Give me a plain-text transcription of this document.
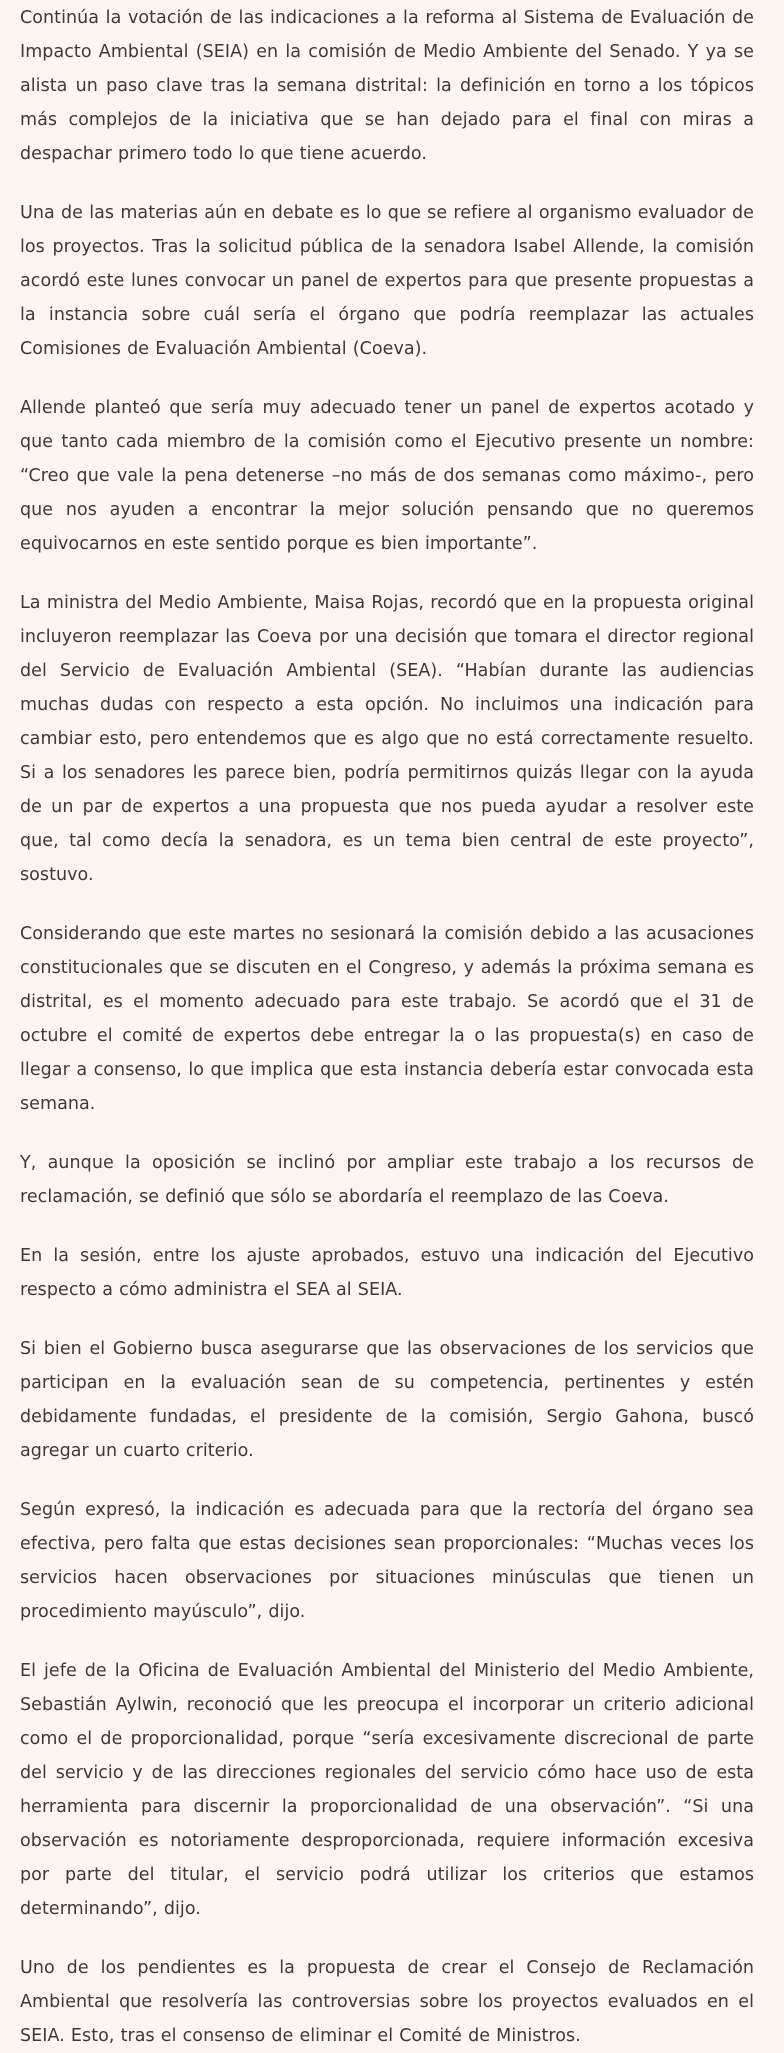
Continúa la votación de las indicaciones a la reforma al Sistema de Evaluación de Impacto Ambiental (SEIA) en la comisión de Medio Ambiente del Senado. Y ya se alista un paso clave tras la semana distrital: la definición en torno a los tópicos más complejos de la iniciativa que se han dejado para el final con miras a despachar primero todo lo que tiene acuerdo.

Una de las materias aún en debate es lo que se refiere al organismo evaluador de los proyectos. Tras la solicitud pública de la senadora Isabel Allende, la comisión acordó este lunes convocar un panel de expertos para que presente propuestas a la instancia sobre cuál sería el órgano que podría reemplazar las actuales Comisiones de Evaluación Ambiental (Coeva).

Allende planteó que sería muy adecuado tener un panel de expertos acotado y que tanto cada miembro de la comisión como el Ejecutivo presente un nombre: “Creo que vale la pena detenerse –no más de dos semanas como máximo-, pero que nos ayuden a encontrar la mejor solución pensando que no queremos equivocarnos en este sentido porque es bien importante”.

La ministra del Medio Ambiente, Maisa Rojas, recordó que en la propuesta original incluyeron reemplazar las Coeva por una decisión que tomara el director regional del Servicio de Evaluación Ambiental (SEA). “Habían durante las audiencias muchas dudas con respecto a esta opción. No incluimos una indicación para cambiar esto, pero entendemos que es algo que no está correctamente resuelto. Si a los senadores les parece bien, podría permitirnos quizás llegar con la ayuda de un par de expertos a una propuesta que nos pueda ayudar a resolver este que, tal como decía la senadora, es un tema bien central de este proyecto”, sostuvo.

Considerando que este martes no sesionará la comisión debido a las acusaciones constitucionales que se discuten en el Congreso, y además la próxima semana es distrital, es el momento adecuado para este trabajo. Se acordó que el 31 de octubre el comité de expertos debe entregar la o las propuesta(s) en caso de llegar a consenso, lo que implica que esta instancia debería estar convocada esta semana.

Y, aunque la oposición se inclinó por ampliar este trabajo a los recursos de reclamación, se definió que sólo se abordaría el reemplazo de las Coeva.

En la sesión, entre los ajuste aprobados, estuvo una indicación del Ejecutivo respecto a cómo administra el SEA al SEIA.

Si bien el Gobierno busca asegurarse que las observaciones de los servicios que participan en la evaluación sean de su competencia, pertinentes y estén debidamente fundadas, el presidente de la comisión, Sergio Gahona, buscó agregar un cuarto criterio.

Según expresó, la indicación es adecuada para que la rectoría del órgano sea efectiva, pero falta que estas decisiones sean proporcionales: “Muchas veces los servicios hacen observaciones por situaciones minúsculas que tienen un procedimiento mayúsculo”, dijo.

El jefe de la Oficina de Evaluación Ambiental del Ministerio del Medio Ambiente, Sebastián Aylwin, reconoció que les preocupa el incorporar un criterio adicional como el de proporcionalidad, porque “sería excesivamente discrecional de parte del servicio y de las direcciones regionales del servicio cómo hace uso de esta herramienta para discernir la proporcionalidad de una observación”. “Si una observación es notoriamente desproporcionada, requiere información excesiva por parte del titular, el servicio podrá utilizar los criterios que estamos determinando”, dijo.

Uno de los pendientes es la propuesta de crear el Consejo de Reclamación Ambiental que resolvería las controversias sobre los proyectos evaluados en el SEIA. Esto, tras el consenso de eliminar el Comité de Ministros.
